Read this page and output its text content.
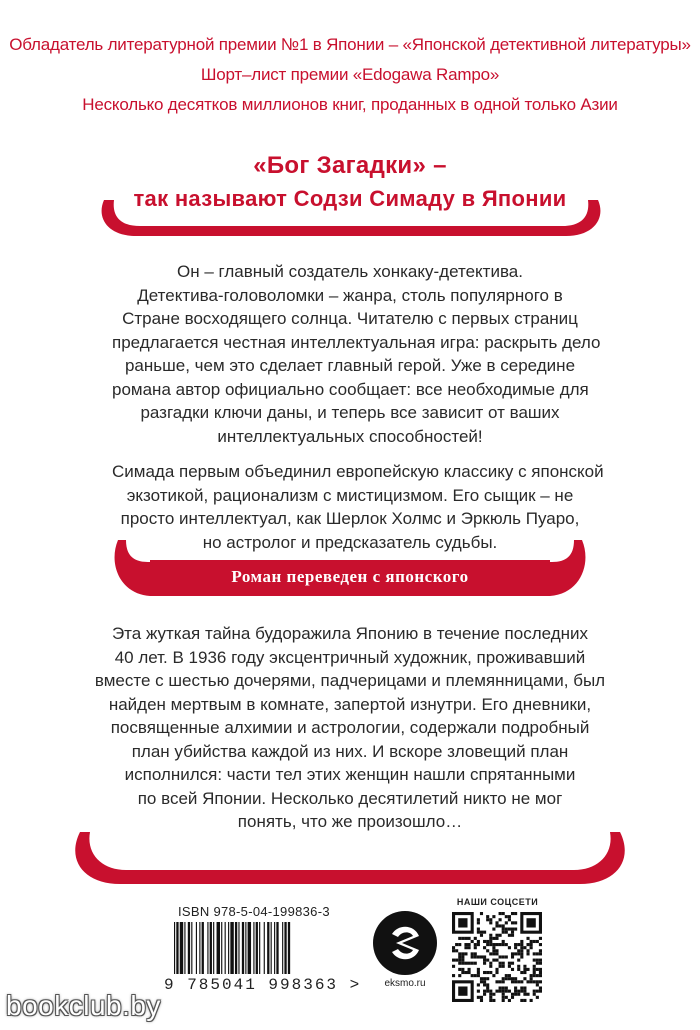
Обладатель литературной премии №1 в Японии – «Японской детективной литературы»
Шорт–лист премии «Edogawa Rampo»
Несколько десятков миллионов книг, проданных в одной только Азии
«Бог Загадки» –
так называют Содзи Симаду в Японии
Он – главный создатель хонкаку-детектива.
Детектива-головоломки – жанра, столь популярного в
Стране восходящего солнца. Читателю с первых страниц
предлагается честная интеллектуальная игра: раскрыть дело
раньше, чем это сделает главный герой. Уже в середине
романа автор официально сообщает: все необходимые для
разгадки ключи даны, и теперь все зависит от ваших
интеллектуальных способностей!
Симада первым объединил европейскую классику с японской
экзотикой, рационализм с мистицизмом. Его сыщик – не
просто интеллектуал, как Шерлок Холмс и Эркюль Пуаро,
но астролог и предсказатель судьбы.
Роман переведен с японского
Эта жуткая тайна будоражила Японию в течение последних
40 лет. В 1936 году эксцентричный художник, проживавший
вместе с шестью дочерями, падчерицами и племянницами, был
найден мертвым в комнате, запертой изнутри. Его дневники,
посвященные алхимии и астрологии, содержали подробный
план убийства каждой из них. И вскоре зловещий план
исполнился: части тел этих женщин нашли спрятанными
по всей Японии. Несколько десятилетий никто не мог
понять, что же произошло…
ISBN 978-5-04-199836-3
9 785041 998363 >	eksmo.ru
НАШИ СОЦСЕТИ
bookclub.by
